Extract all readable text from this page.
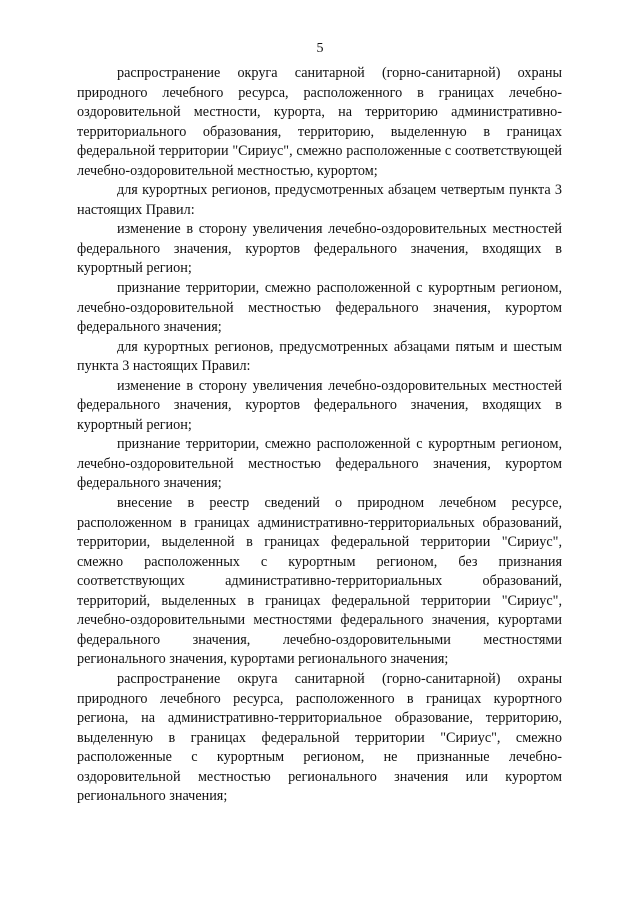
5

распространение округа санитарной (горно-санитарной) охраны природного лечебного ресурса, расположенного в границах лечебно-оздоровительной местности, курорта, на территорию административно-территориального образования, территорию, выделенную в границах федеральной территории "Сириус", смежно расположенные с соответствующей лечебно-оздоровительной местностью, курортом;

для курортных регионов, предусмотренных абзацем четвертым пункта 3 настоящих Правил:

изменение в сторону увеличения лечебно-оздоровительных местностей федерального значения, курортов федерального значения, входящих в курортный регион;

признание территории, смежно расположенной с курортным регионом, лечебно-оздоровительной местностью федерального значения, курортом федерального значения;

для курортных регионов, предусмотренных абзацами пятым и шестым пункта 3 настоящих Правил:

изменение в сторону увеличения лечебно-оздоровительных местностей федерального значения, курортов федерального значения, входящих в курортный регион;

признание территории, смежно расположенной с курортным регионом, лечебно-оздоровительной местностью федерального значения, курортом федерального значения;

внесение в реестр сведений о природном лечебном ресурсе, расположенном в границах административно-территориальных образований, территории, выделенной в границах федеральной территории "Сириус", смежно расположенных с курортным регионом, без признания соответствующих административно-территориальных образований, территорий, выделенных в границах федеральной территории "Сириус", лечебно-оздоровительными местностями федерального значения, курортами федерального значения, лечебно-оздоровительными местностями регионального значения, курортами регионального значения;

распространение округа санитарной (горно-санитарной) охраны природного лечебного ресурса, расположенного в границах курортного региона, на административно-территориальное образование, территорию, выделенную в границах федеральной территории "Сириус", смежно расположенные с курортным регионом, не признанные лечебно-оздоровительной местностью регионального значения или курортом регионального значения;
